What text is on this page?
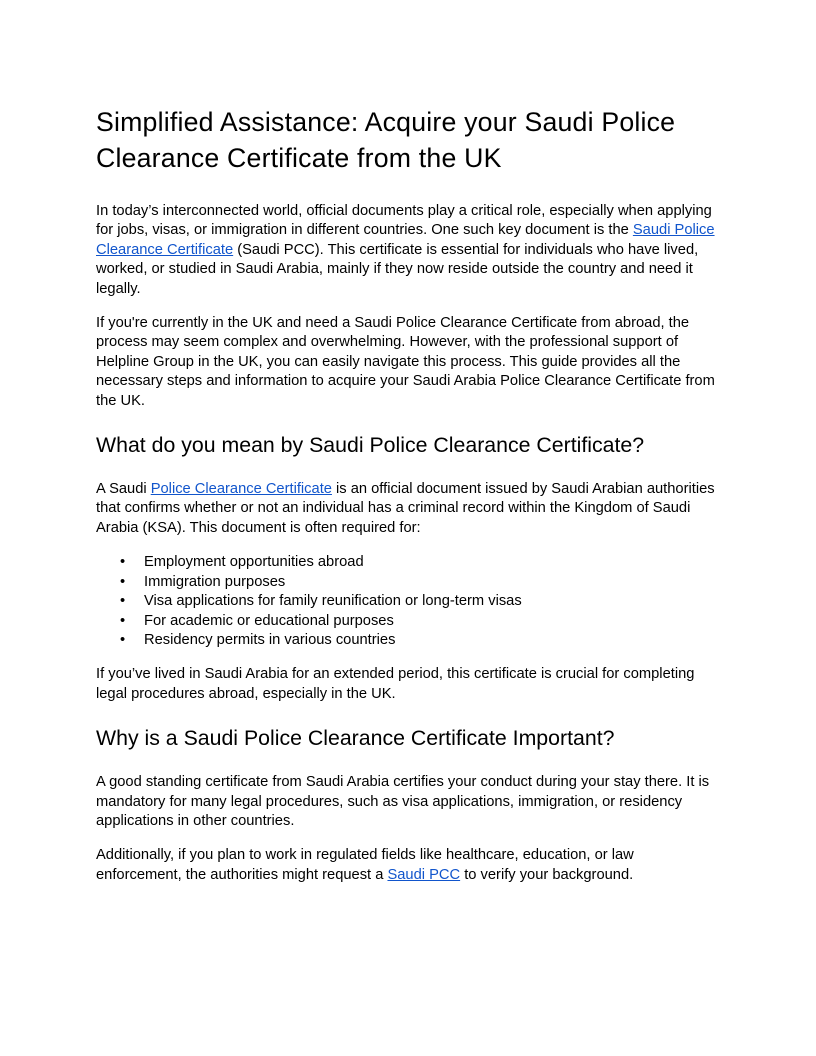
Simplified Assistance: Acquire your Saudi Police Clearance Certificate from the UK

In today’s interconnected world, official documents play a critical role, especially when applying for jobs, visas, or immigration in different countries. One such key document is the Saudi Police Clearance Certificate (Saudi PCC). This certificate is essential for individuals who have lived, worked, or studied in Saudi Arabia, mainly if they now reside outside the country and need it legally.

If you're currently in the UK and need a Saudi Police Clearance Certificate from abroad, the process may seem complex and overwhelming. However, with the professional support of Helpline Group in the UK, you can easily navigate this process. This guide provides all the necessary steps and information to acquire your Saudi Arabia Police Clearance Certificate from the UK.

What do you mean by Saudi Police Clearance Certificate?

A Saudi Police Clearance Certificate is an official document issued by Saudi Arabian authorities that confirms whether or not an individual has a criminal record within the Kingdom of Saudi Arabia (KSA). This document is often required for:

• Employment opportunities abroad
• Immigration purposes
• Visa applications for family reunification or long-term visas
• For academic or educational purposes
• Residency permits in various countries

If you’ve lived in Saudi Arabia for an extended period, this certificate is crucial for completing legal procedures abroad, especially in the UK.

Why is a Saudi Police Clearance Certificate Important?

A good standing certificate from Saudi Arabia certifies your conduct during your stay there. It is mandatory for many legal procedures, such as visa applications, immigration, or residency applications in other countries.

Additionally, if you plan to work in regulated fields like healthcare, education, or law enforcement, the authorities might request a Saudi PCC to verify your background.
